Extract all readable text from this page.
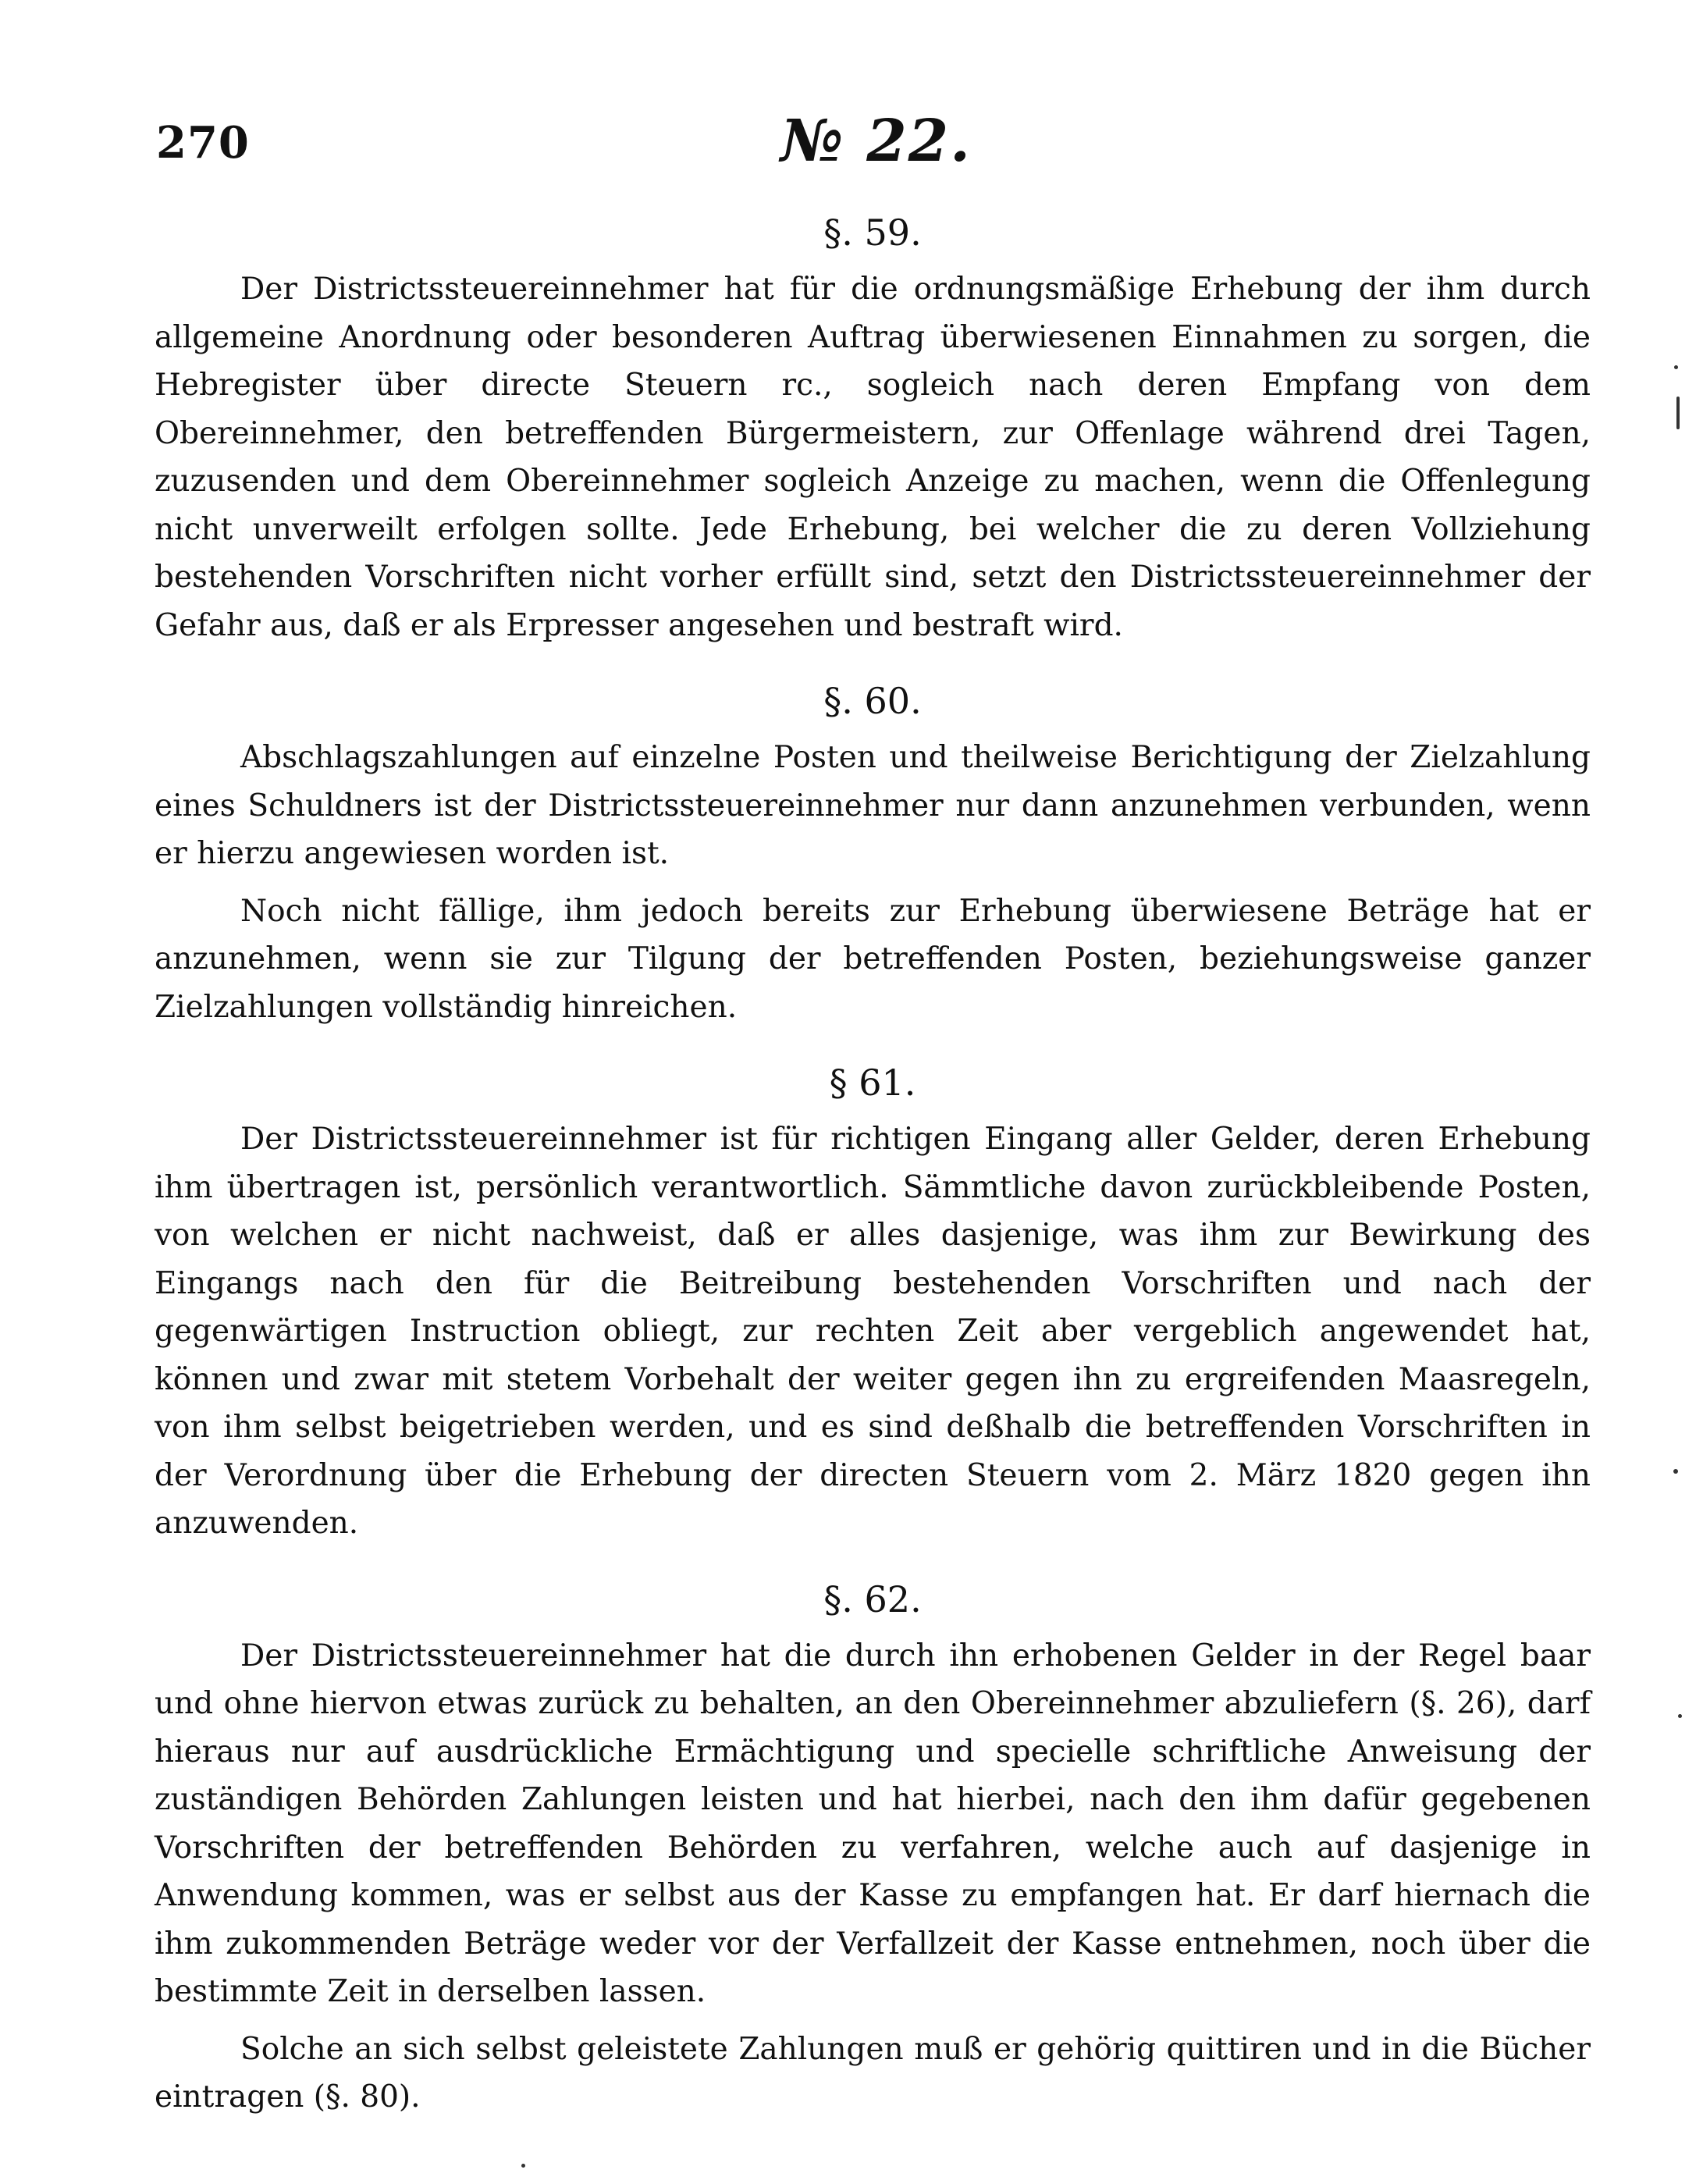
270	№ 22.
§. 59.

Der Districtssteuereinnehmer hat für die ordnungsmäßige Erhebung der ihm durch allgemeine Anordnung oder besonderen Auftrag überwiesenen Einnahmen zu sorgen, die Hebregister über directe Steuern rc., sogleich nach deren Empfang von dem Obereinnehmer, den betreffenden Bürgermeistern, zur Offenlage während drei Tagen, zuzusenden und dem Obereinnehmer sogleich Anzeige zu machen, wenn die Offenlegung nicht unverweilt erfolgen sollte. Jede Erhebung, bei welcher die zu deren Vollziehung bestehenden Vorschriften nicht vorher erfüllt sind, setzt den Districtssteuereinnehmer der Gefahr aus, daß er als Erpresser angesehen und bestraft wird.

§. 60.

Abschlagszahlungen auf einzelne Posten und theilweise Berichtigung der Zielzahlung eines Schuldners ist der Districtssteuereinnehmer nur dann anzunehmen verbunden, wenn er hierzu angewiesen worden ist.

Noch nicht fällige, ihm jedoch bereits zur Erhebung überwiesene Beträge hat er anzunehmen, wenn sie zur Tilgung der betreffenden Posten, beziehungsweise ganzer Zielzahlungen vollständig hinreichen.

§ 61.

Der Districtssteuereinnehmer ist für richtigen Eingang aller Gelder, deren Erhebung ihm übertragen ist, persönlich verantwortlich. Sämmtliche davon zurückbleibende Posten, von welchen er nicht nachweist, daß er alles dasjenige, was ihm zur Bewirkung des Eingangs nach den für die Beitreibung bestehenden Vorschriften und nach der gegenwärtigen Instruction obliegt, zur rechten Zeit aber vergeblich angewendet hat, können und zwar mit stetem Vorbehalt der weiter gegen ihn zu ergreifenden Maasregeln, von ihm selbst beigetrieben werden, und es sind deßhalb die betreffenden Vorschriften in der Verordnung über die Erhebung der directen Steuern vom 2. März 1820 gegen ihn anzuwenden.

§. 62.

Der Districtssteuereinnehmer hat die durch ihn erhobenen Gelder in der Regel baar und ohne hiervon etwas zurück zu behalten, an den Obereinnehmer abzuliefern (§. 26), darf hieraus nur auf ausdrückliche Ermächtigung und specielle schriftliche Anweisung der zuständigen Behörden Zahlungen leisten und hat hierbei, nach den ihm dafür gegebenen Vorschriften der betreffenden Behörden zu verfahren, welche auch auf dasjenige in Anwendung kommen, was er selbst aus der Kasse zu empfangen hat. Er darf hiernach die ihm zukommenden Beträge weder vor der Verfallzeit der Kasse entnehmen, noch über die bestimmte Zeit in derselben lassen.

Solche an sich selbst geleistete Zahlungen muß er gehörig quittiren und in die Bücher eintragen (§. 80).
